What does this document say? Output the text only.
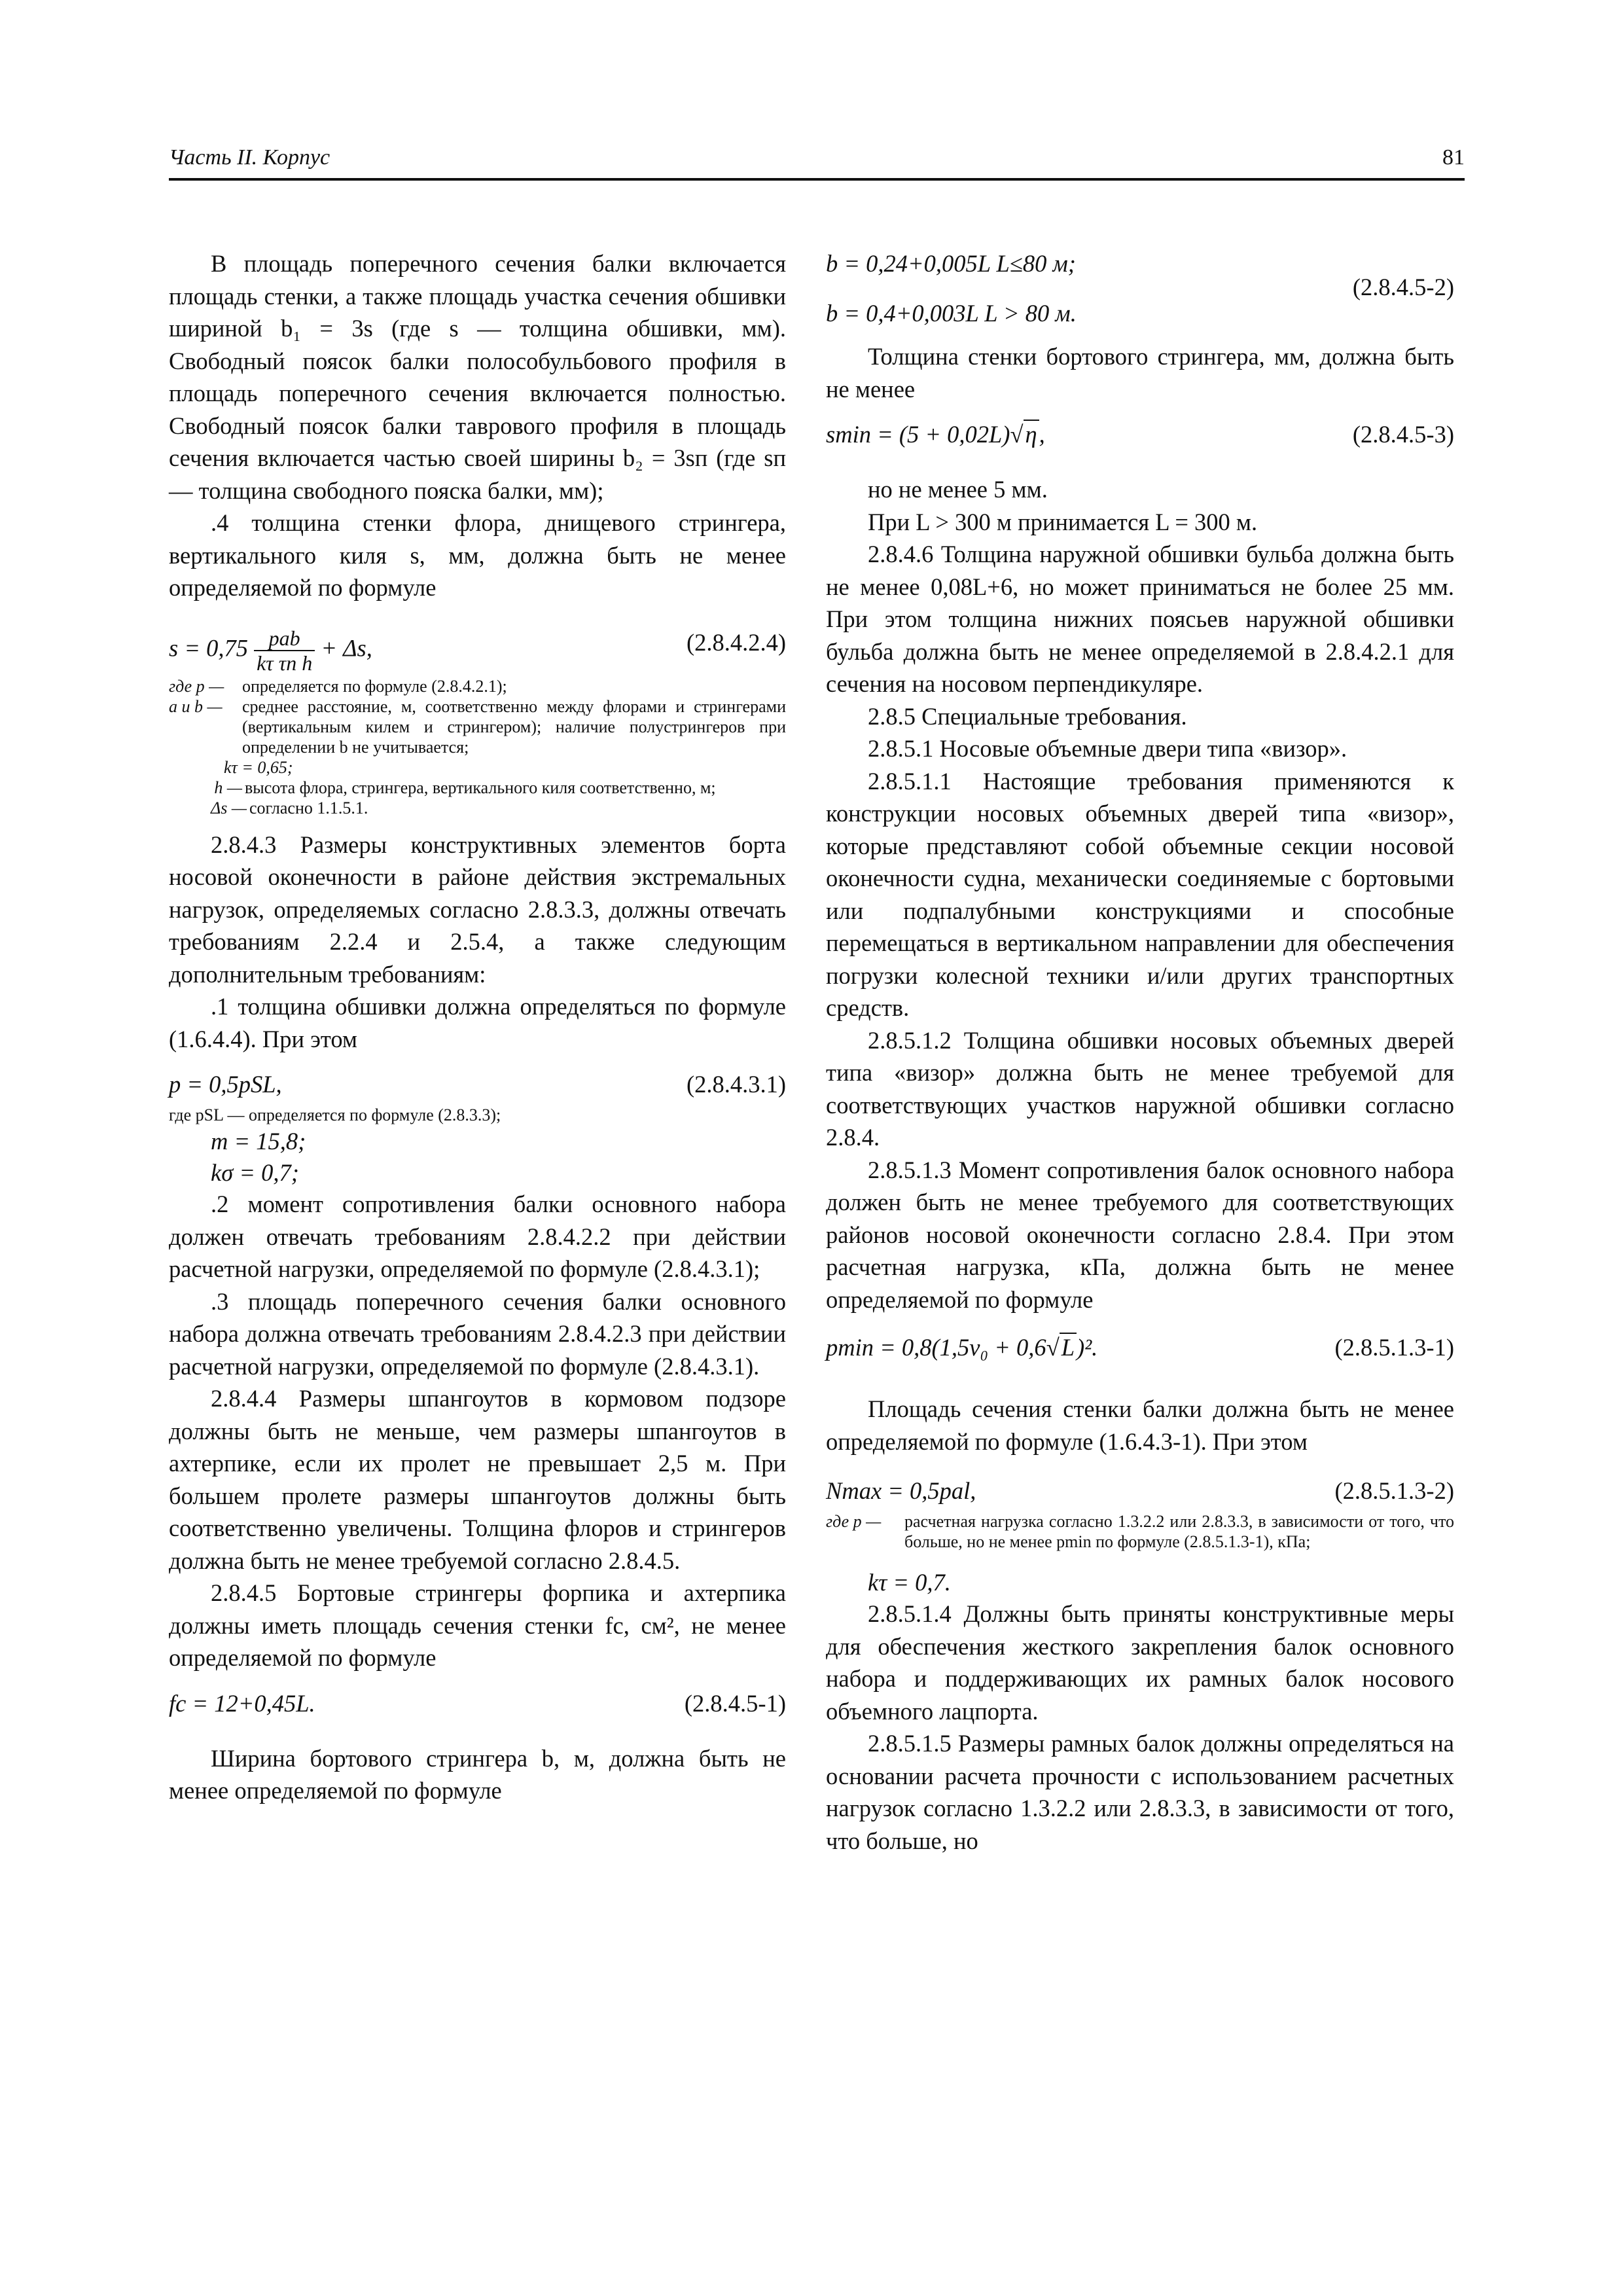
Часть II. Корпус	81

В площадь поперечного сечения балки включается площадь стенки, а также площадь участка сечения обшивки шириной b₁ = 3s (где s — толщина обшивки, мм). Свободный поясок балки полособульбового профиля в площадь поперечного сечения включается полностью. Свободный поясок балки таврового профиля в площадь сечения включается частью своей ширины b₂ = 3sп (где sп — толщина свободного пояска балки, мм);

.4 толщина стенки флора, днищевого стрингера, вертикального киля s, мм, должна быть не менее определяемой по формуле

$s = 0,75 \frac{\text{pab}}{\text{kτ τп h}} + \Delta s$,	(2.8.4.2.4)
где p —	определяется по формуле (2.8.4.2.1);
a и b —	среднее расстояние, м, соответственно между флорами и стрингерами (вертикальным килем и стрингером); наличие полустрингеров при определении b не учитывается;
kτ = 0,65;
h — высота флора, стрингера, вертикального киля соответственно, м;
Δs — согласно 1.1.5.1.

2.8.4.3 Размеры конструктивных элементов борта носовой оконечности в районе действия экстремальных нагрузок, определяемых согласно 2.8.3.3, должны отвечать требованиям 2.2.4 и 2.5.4, а также следующим дополнительным требованиям:

.1 толщина обшивки должна определяться по формуле (1.6.4.4). При этом

p = 0,5pSL,	(2.8.4.3.1)

где pSL — определяется по формуле (2.8.3.3);

m = 15,8;
kσ = 0,7;

.2 момент сопротивления балки основного набора должен отвечать требованиям 2.8.4.2.2 при действии расчетной нагрузки, определяемой по формуле (2.8.4.3.1);

.3 площадь поперечного сечения балки основного набора должна отвечать требованиям 2.8.4.2.3 при действии расчетной нагрузки, определяемой по формуле (2.8.4.3.1).

2.8.4.4 Размеры шпангоутов в кормовом подзоре должны быть не меньше, чем размеры шпангоутов в ахтерпике, если их пролет не превышает 2,5 м. При большем пролете размеры шпангоутов должны быть соответственно увеличены. Толщина флоров и стрингеров должна быть не менее требуемой согласно 2.8.4.5.

2.8.4.5 Бортовые стрингеры форпика и ахтерпика должны иметь площадь сечения стенки fс, см², не менее определяемой по формуле

fс = 12+0,45L.	(2.8.4.5-1)

Ширина бортового стрингера b, м, должна быть не менее определяемой по формуле

b = 0,24+0,005L L≤80 м;
(2.8.4.5-2)
b = 0,4+0,003L L > 80 м.

Толщина стенки бортового стрингера, мм, должна быть не менее

smin = (5 + 0,02L)√η,	(2.8.4.5-3)

но не менее 5 мм.

При L > 300 м принимается L = 300 м.

2.8.4.6 Толщина наружной обшивки бульба должна быть не менее 0,08L+6, но может приниматься не более 25 мм. При этом толщина нижних поясьев наружной обшивки бульба должна быть не менее определяемой в 2.8.4.2.1 для сечения на носовом перпендикуляре.

2.8.5 Специальные требования.

2.8.5.1 Носовые объемные двери типа «визор».

2.8.5.1.1 Настоящие требования применяются к конструкции носовых объемных дверей типа «визор», которые представляют собой объемные секции носовой оконечности судна, механически соединяемые с бортовыми или подпалубными конструкциями и способные перемещаться в вертикальном направлении для обеспечения погрузки колесной техники и/или других транспортных средств.

2.8.5.1.2 Толщина обшивки носовых объемных дверей типа «визор» должна быть не менее требуемой для соответствующих участков наружной обшивки согласно 2.8.4.

2.8.5.1.3 Момент сопротивления балок основного набора должен быть не менее требуемого для соответствующих районов носовой оконечности согласно 2.8.4. При этом расчетная нагрузка, кПа, должна быть не менее определяемой по формуле

pmin = 0,8(1,5v₀ + 0,6√L)².	(2.8.5.1.3-1)

Площадь сечения стенки балки должна быть не менее определяемой по формуле (1.6.4.3-1). При этом

Nmax = 0,5pal,	(2.8.5.1.3-2)
где p —	расчетная нагрузка согласно 1.3.2.2 или 2.8.3.3, в зависимости от того, что больше, но не менее pmin по формуле (2.8.5.1.3-1), кПа;
kτ = 0,7.

2.8.5.1.4 Должны быть приняты конструктивные меры для обеспечения жесткого закрепления балок основного набора и поддерживающих их рамных балок носового объемного лацпорта.

2.8.5.1.5 Размеры рамных балок должны определяться на основании расчета прочности с использованием расчетных нагрузок согласно 1.3.2.2 или 2.8.3.3, в зависимости от того, что больше, но
